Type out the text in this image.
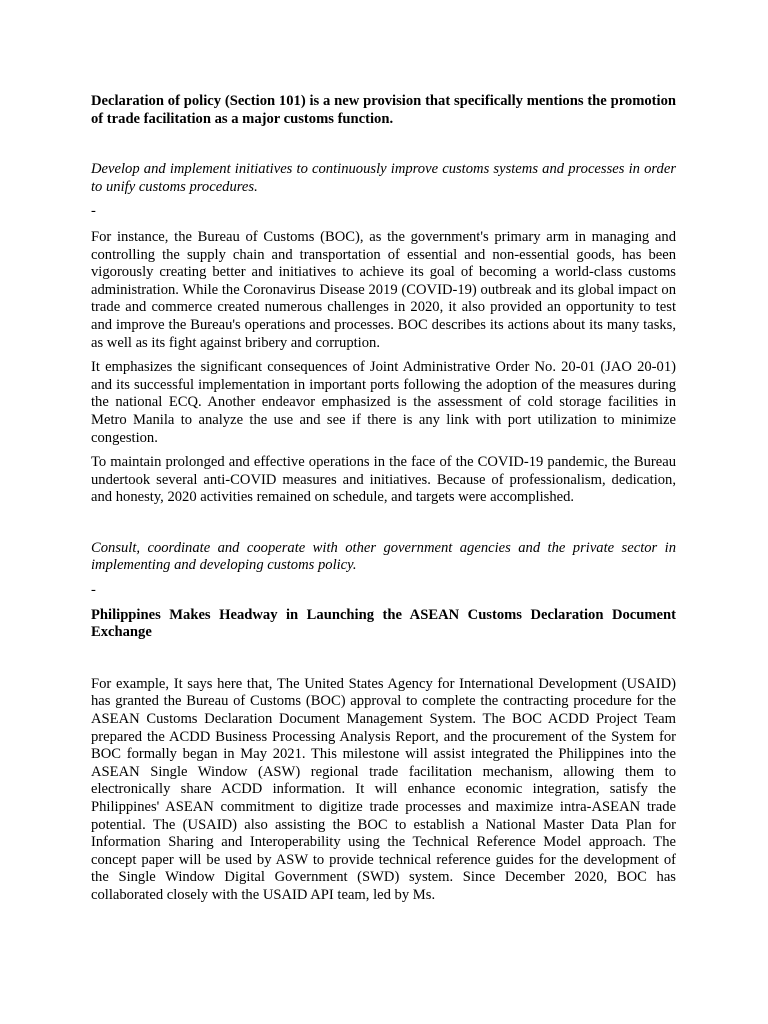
Declaration of policy (Section 101) is a new provision that specifically mentions the promotion of trade facilitation as a major customs function.

Develop and implement initiatives to continuously improve customs systems and processes in order to unify customs procedures.

-

For instance, the Bureau of Customs (BOC), as the government's primary arm in managing and controlling the supply chain and transportation of essential and non-essential goods, has been vigorously creating better and initiatives to achieve its goal of becoming a world-class customs administration. While the Coronavirus Disease 2019 (COVID-19) outbreak and its global impact on trade and commerce created numerous challenges in 2020, it also provided an opportunity to test and improve the Bureau's operations and processes. BOC describes its actions about its many tasks, as well as its fight against bribery and corruption.

It emphasizes the significant consequences of Joint Administrative Order No. 20-01 (JAO 20-01) and its successful implementation in important ports following the adoption of the measures during the national ECQ. Another endeavor emphasized is the assessment of cold storage facilities in Metro Manila to analyze the use and see if there is any link with port utilization to minimize congestion.

To maintain prolonged and effective operations in the face of the COVID-19 pandemic, the Bureau undertook several anti-COVID measures and initiatives. Because of professionalism, dedication, and honesty, 2020 activities remained on schedule, and targets were accomplished.

Consult, coordinate and cooperate with other government agencies and the private sector in implementing and developing customs policy.

-

Philippines Makes Headway in Launching the ASEAN Customs Declaration Document Exchange

For example, It says here that, The United States Agency for International Development (USAID) has granted the Bureau of Customs (BOC) approval to complete the contracting procedure for the ASEAN Customs Declaration Document Management System. The BOC ACDD Project Team prepared the ACDD Business Processing Analysis Report, and the procurement of the System for BOC formally began in May 2021. This milestone will assist integrated the Philippines into the ASEAN Single Window (ASW) regional trade facilitation mechanism, allowing them to electronically share ACDD information. It will enhance economic integration, satisfy the Philippines' ASEAN commitment to digitize trade processes and maximize intra-ASEAN trade potential. The (USAID) also assisting the BOC to establish a National Master Data Plan for Information Sharing and Interoperability using the Technical Reference Model approach. The concept paper will be used by ASW to provide technical reference guides for the development of the Single Window Digital Government (SWD) system. Since December 2020, BOC has collaborated closely with the USAID API team, led by Ms.
